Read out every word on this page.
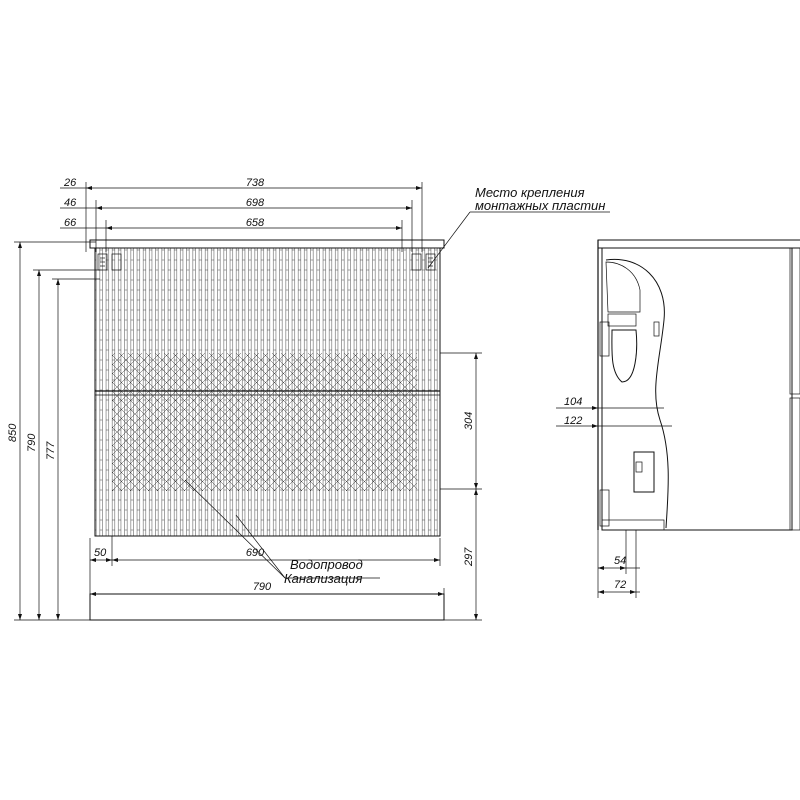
26
46
66
738
698
658
850
790 777
304
297
50	690
790
Место крепления
монтажных пластин
Водопровод
Канализация
104
122
54
72
